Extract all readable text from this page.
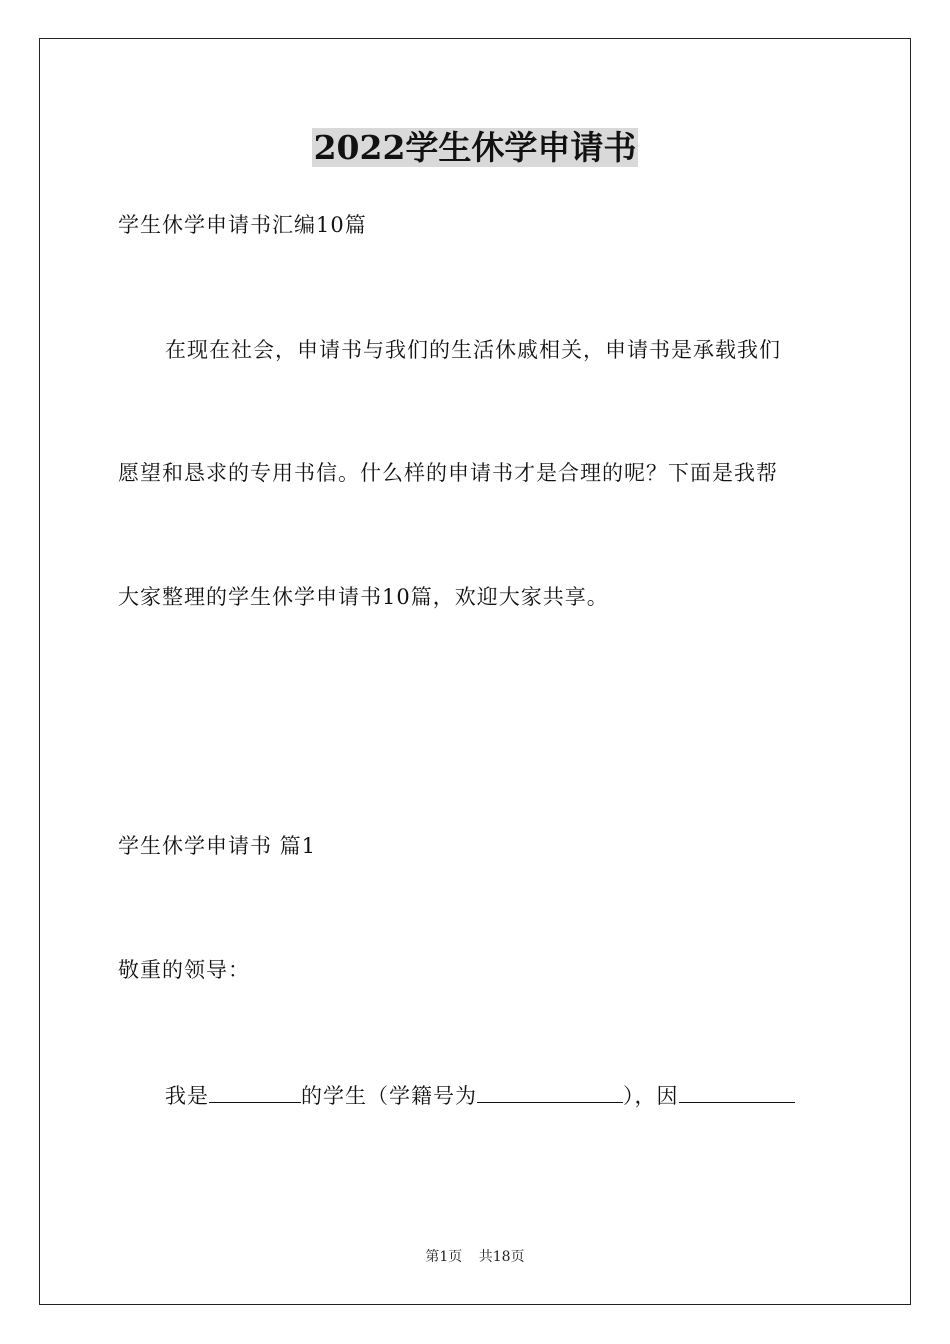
2022学生休学申请书
学生休学申请书汇编10篇
在现在社会，申请书与我们的生活休戚相关，申请书是承载我们
愿望和恳求的专用书信。什么样的申请书才是合理的呢？下面是我帮
大家整理的学生休学申请书10篇，欢迎大家共享。
学生休学申请书 篇1
敬重的领导：
我是	的学生（学籍号为	），因
第1页 共18页
